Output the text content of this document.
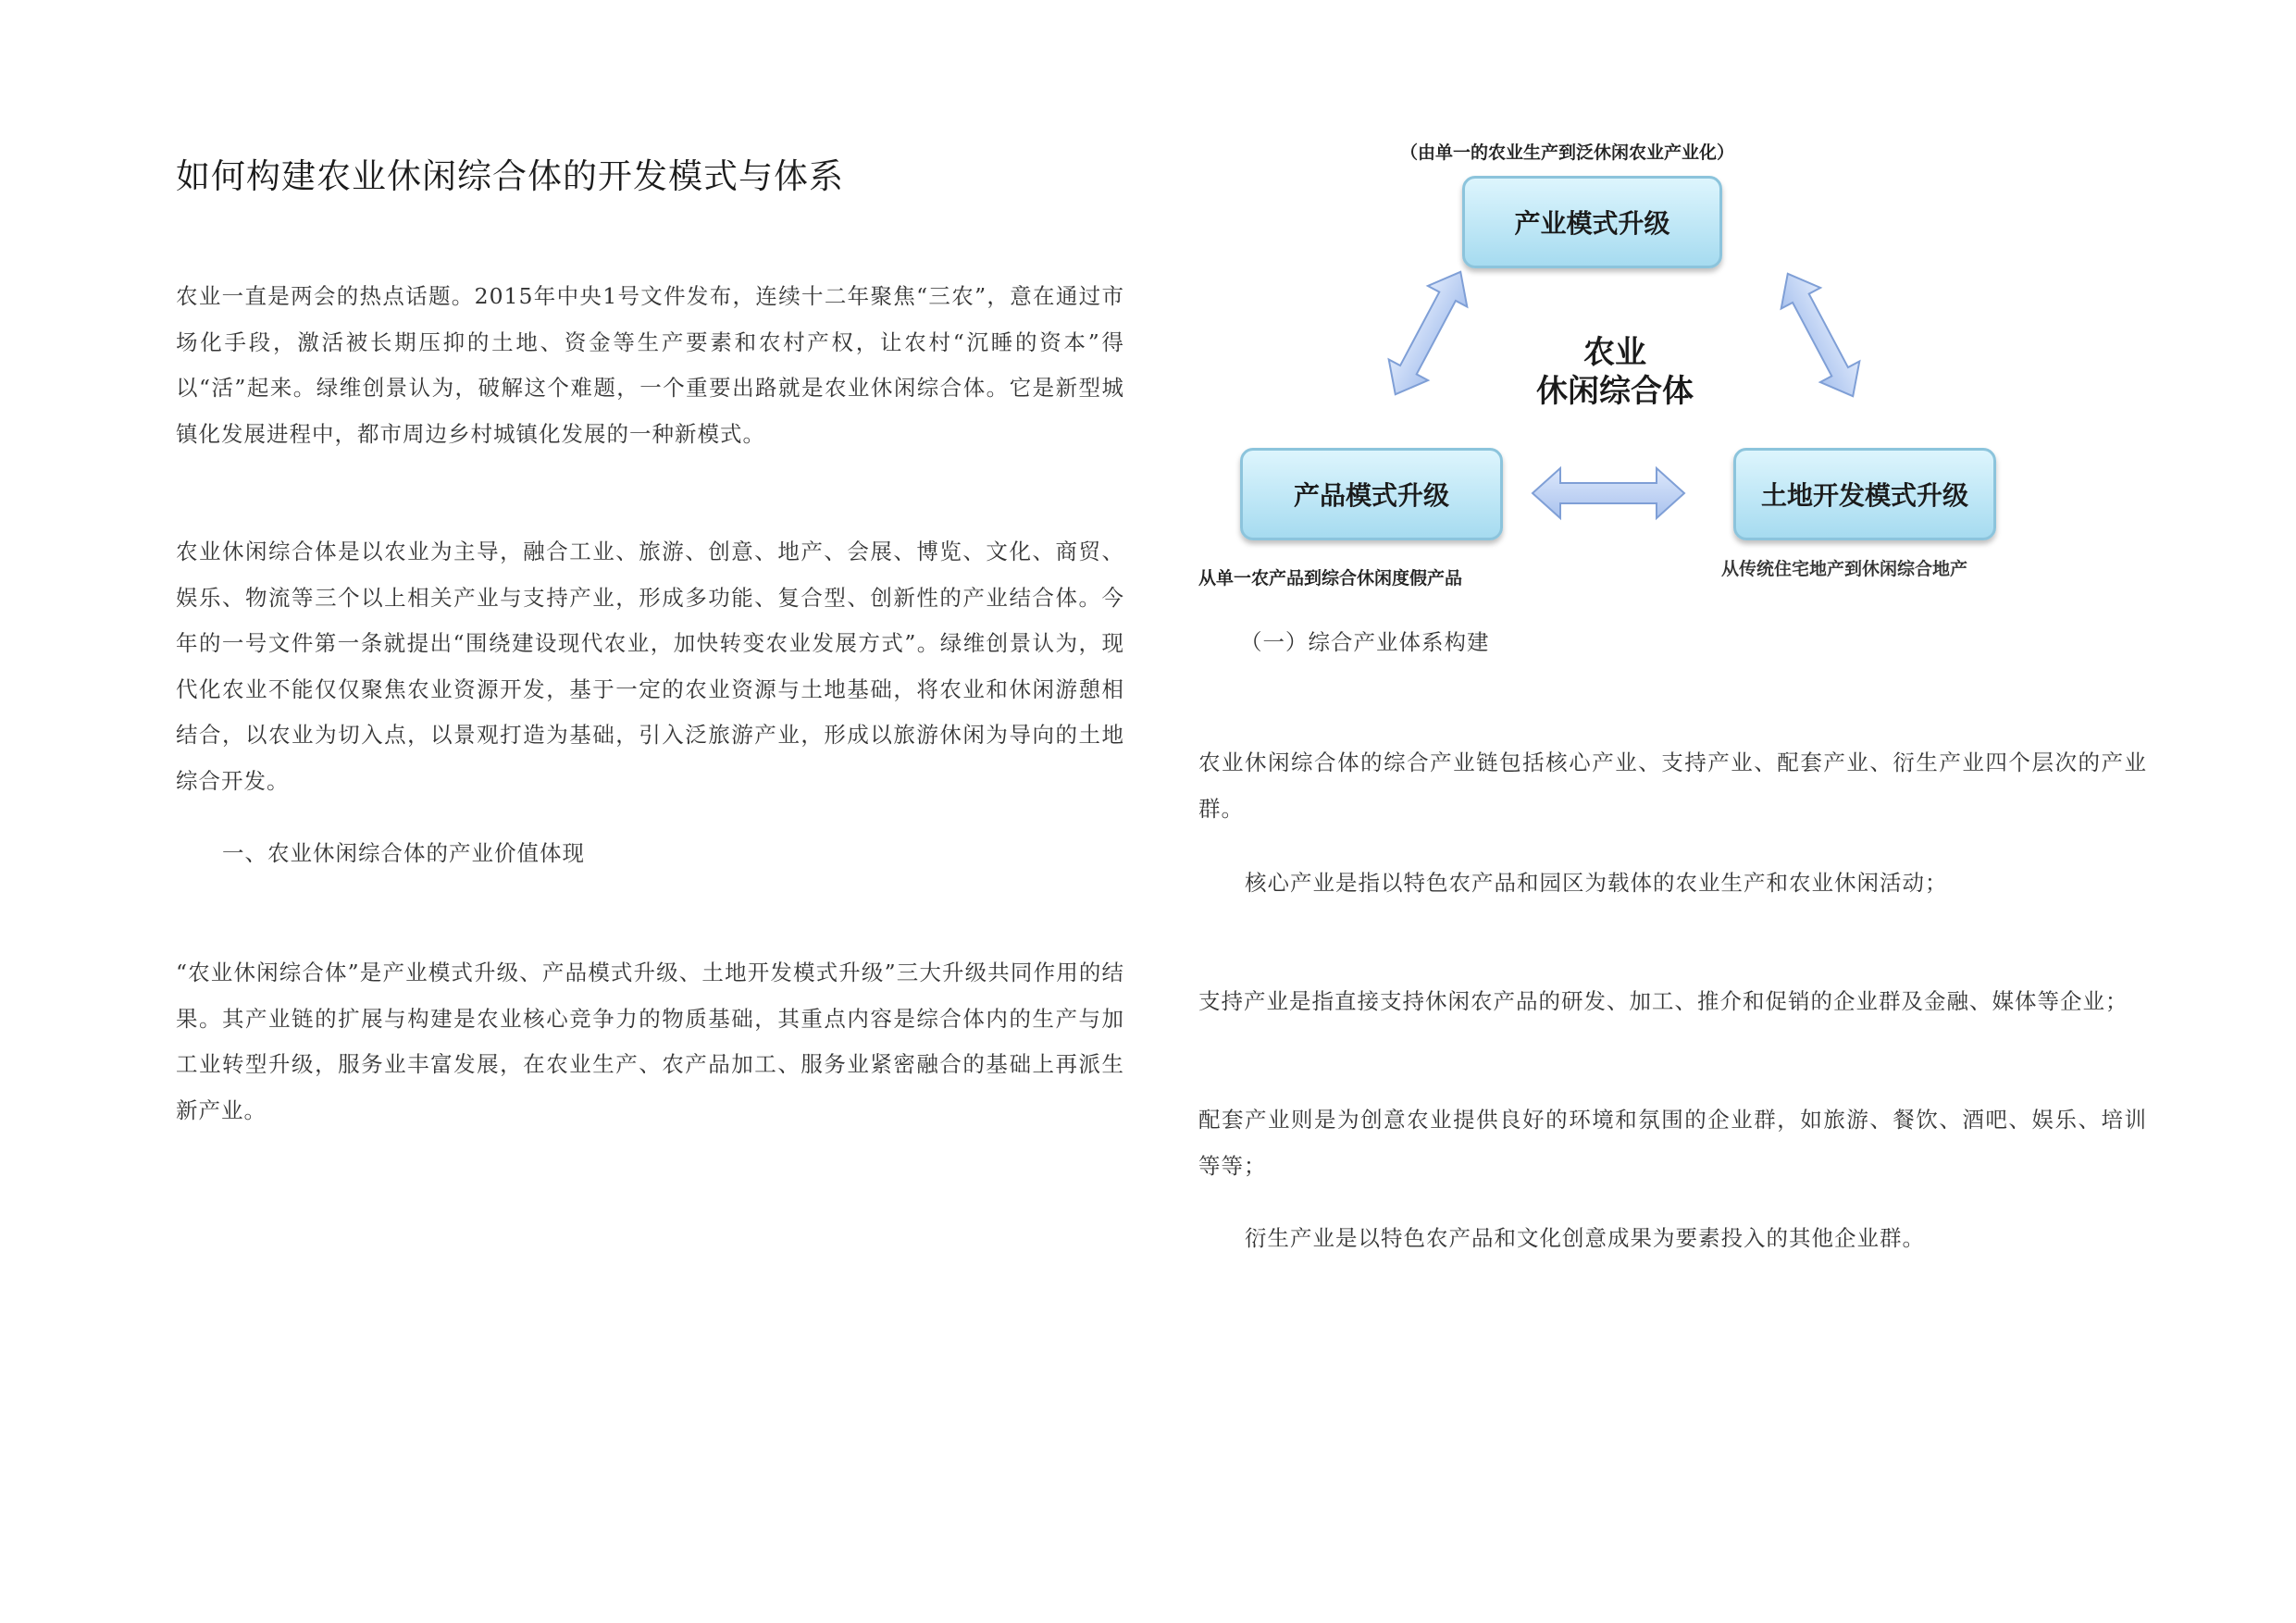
如何构建农业休闲综合体的开发模式与体系

农业一直是两会的热点话题。2015年中央1号文件发布，连续十二年聚焦“三农”，意在通过市场化手段，激活被长期压抑的土地、资金等生产要素和农村产权，让农村“沉睡的资本”得以“活”起来。绿维创景认为，破解这个难题，一个重要出路就是农业休闲综合体。它是新型城镇化发展进程中，都市周边乡村城镇化发展的一种新模式。

农业休闲综合体是以农业为主导，融合工业、旅游、创意、地产、会展、博览、文化、商贸、娱乐、物流等三个以上相关产业与支持产业，形成多功能、复合型、创新性的产业结合体。今年的一号文件第一条就提出“围绕建设现代农业，加快转变农业发展方式”。绿维创景认为，现代化农业不能仅仅聚焦农业资源开发，基于一定的农业资源与土地基础，将农业和休闲游憩相结合，以农业为切入点，以景观打造为基础，引入泛旅游产业，形成以旅游休闲为导向的土地综合开发。

一、农业休闲综合体的产业价值体现

“农业休闲综合体”是产业模式升级、产品模式升级、土地开发模式升级”三大升级共同作用的结果。其产业链的扩展与构建是农业核心竞争力的物质基础，其重点内容是综合体内的生产与加工业转型升级，服务业丰富发展，在农业生产、农产品加工、服务业紧密融合的基础上再派生新产业。

（由单一的农业生产到泛休闲农业产业化）
产业模式升级
农业
休闲综合体
产品模式升级	土地开发模式升级
从单一农产品到综合休闲度假产品	从传统住宅地产到休闲综合地产

（一）综合产业体系构建

农业休闲综合体的综合产业链包括核心产业、支持产业、配套产业、衍生产业四个层次的产业群。

核心产业是指以特色农产品和园区为载体的农业生产和农业休闲活动；

支持产业是指直接支持休闲农产品的研发、加工、推介和促销的企业群及金融、媒体等企业；

配套产业则是为创意农业提供良好的环境和氛围的企业群，如旅游、餐饮、酒吧、娱乐、培训等等；

衍生产业是以特色农产品和文化创意成果为要素投入的其他企业群。
